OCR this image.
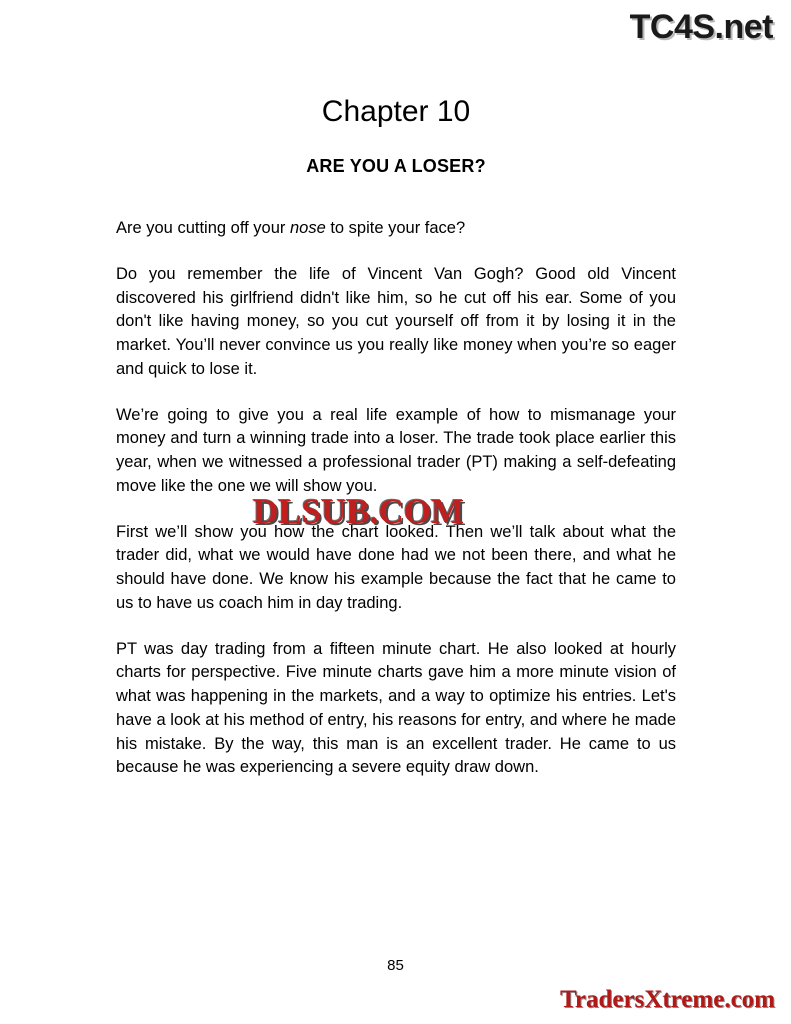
TC4S.net
Chapter 10
ARE YOU A LOSER?

Are you cutting off your nose to spite your face?

Do you remember the life of Vincent Van Gogh? Good old Vincent discovered his girlfriend didn't like him, so he cut off his ear. Some of you don't like having money, so you cut yourself off from it by losing it in the market. You’ll never convince us you really like money when you’re so eager and quick to lose it.

We’re going to give you a real life example of how to mismanage your money and turn a winning trade into a loser. The trade took place earlier this year, when we witnessed a professional trader (PT) making a self-defeating move like the one we will show you.

First we’ll show you how the chart looked. Then we’ll talk about what the trader did, what we would have done had we not been there, and what he should have done. We know his example because the fact that he came to us to have us coach him in day trading.

PT was day trading from a fifteen minute chart. He also looked at hourly charts for perspective. Five minute charts gave him a more minute vision of what was happening in the markets, and a way to optimize his entries. Let's have a look at his method of entry, his reasons for entry, and where he made his mistake. By the way, this man is an excellent trader. He came to us because he was experiencing a severe equity draw down.

DLSUB.COM
85
TradersXtreme.com
